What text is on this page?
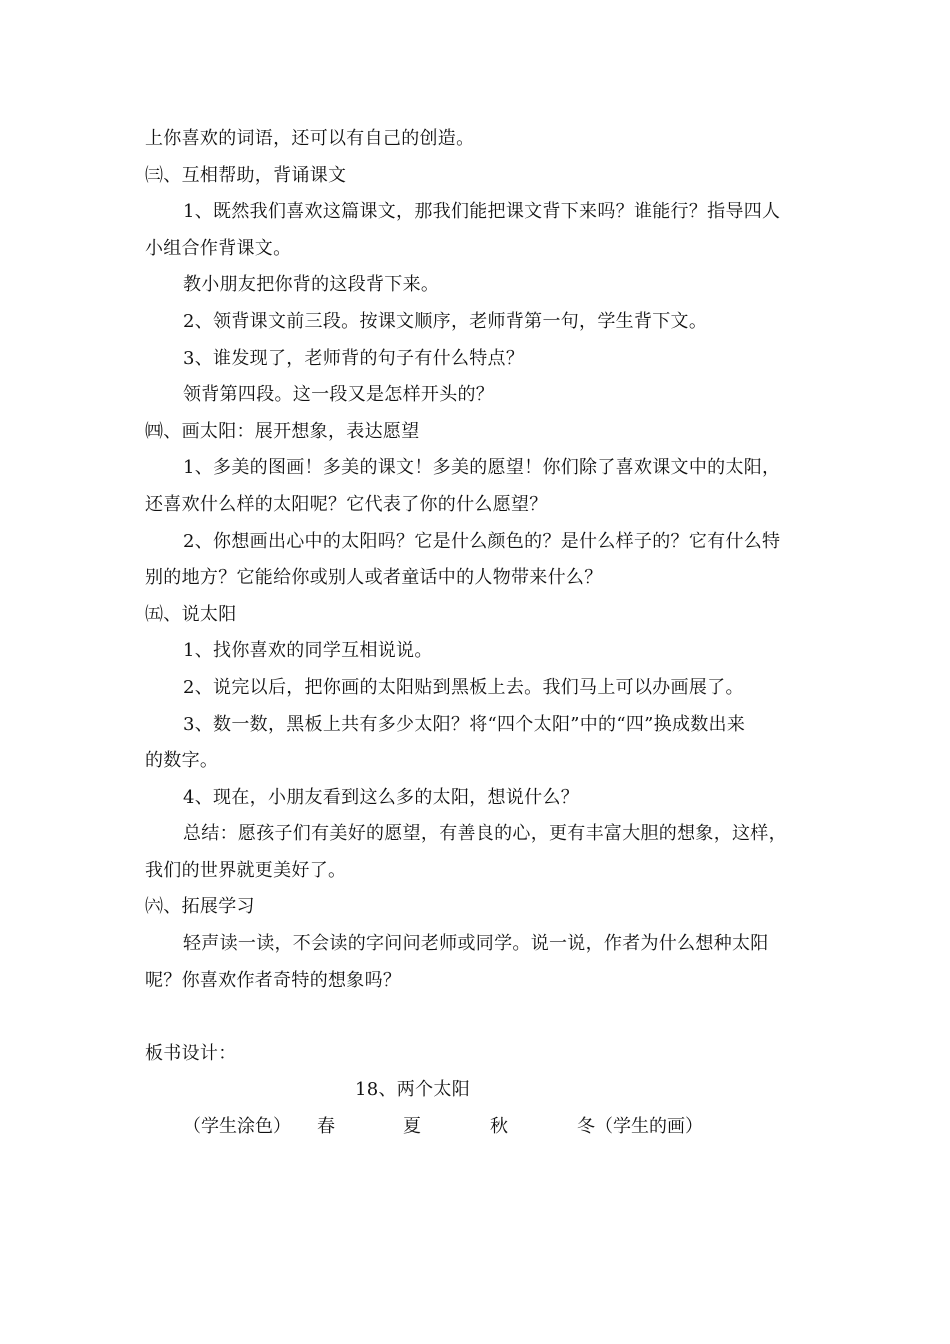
上你喜欢的词语，还可以有自己的创造。
㈢、互相帮助，背诵课文
1、既然我们喜欢这篇课文，那我们能把课文背下来吗？谁能行？指导四人
小组合作背课文。
教小朋友把你背的这段背下来。
2、领背课文前三段。按课文顺序，老师背第一句，学生背下文。
3、谁发现了，老师背的句子有什么特点？
领背第四段。这一段又是怎样开头的？
㈣、画太阳：展开想象，表达愿望
1、多美的图画！多美的课文！多美的愿望！你们除了喜欢课文中的太阳，
还喜欢什么样的太阳呢？它代表了你的什么愿望？
2、你想画出心中的太阳吗？它是什么颜色的？是什么样子的？它有什么特
别的地方？它能给你或别人或者童话中的人物带来什么？
㈤、说太阳
1、找你喜欢的同学互相说说。
2、说完以后，把你画的太阳贴到黑板上去。我们马上可以办画展了。
3、数一数，黑板上共有多少太阳？将“四个太阳”中的“四”换成数出来
的数字。
4、现在，小朋友看到这么多的太阳，想说什么？
总结：愿孩子们有美好的愿望，有善良的心，更有丰富大胆的想象，这样，
我们的世界就更美好了。
㈥、拓展学习
轻声读一读，不会读的字问问老师或同学。说一说，作者为什么想种太阳
呢？你喜欢作者奇特的想象吗？
板书设计：
18、两个太阳
（学生涂色） 春	夏	秋	冬（学生的画）
